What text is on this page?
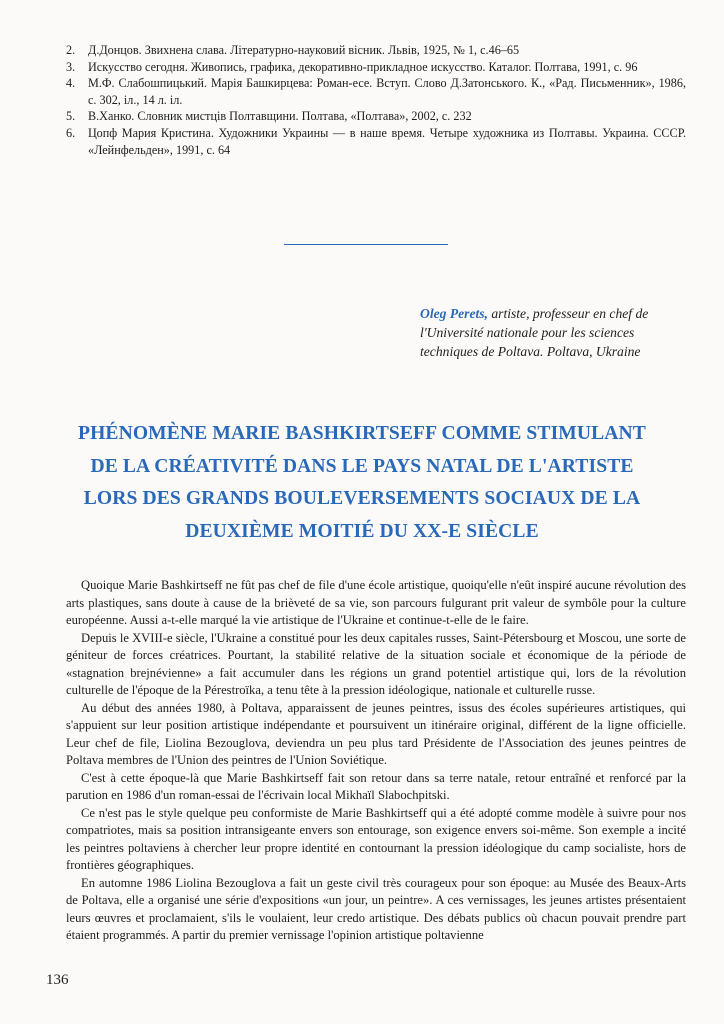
2.	Д.Донцов. Звихнена слава. Літературно-науковий вісник. Львів, 1925, № 1, с.46–65
3.	Искусство сегодня. Живопись, графика, декоративно-прикладное искусство. Каталог. Полтава, 1991, с. 96
4.	М.Ф. Слабошпицький. Марія Башкирцева: Роман-есе. Вступ. Слово Д.Затонського. К., «Рад. Письменник», 1986, с. 302, іл., 14 л. іл.
5.	В.Ханко. Словник мистців Полтавщини. Полтава, «Полтава», 2002, с. 232
6.	Цопф Мария Кристина. Художники Украины — в наше время. Четыре художника из Полтавы. Украина. СССР. «Лейнфельден», 1991, с. 64
Oleg Perets, artiste, professeur en chef de l'Université nationale pour les sciences techniques de Poltava. Poltava, Ukraine
PHÉNOMÈNE MARIE BASHKIRTSEFF COMME STIMULANT
DE LA CRÉATIVITÉ DANS LE PAYS NATAL DE L'ARTISTE
LORS DES GRANDS BOULEVERSEMENTS SOCIAUX DE LA
DEUXIÈME MOITIÉ DU XX-E SIÈCLE

Quoique Marie Bashkirtseff ne fût pas chef de file d'une école artistique, quoiqu'elle n'eût inspiré aucune révolution des arts plastiques, sans doute à cause de la brièveté de sa vie, son parcours fulgurant prit valeur de symbôle pour la culture européenne. Aussi a-t-elle marqué la vie artistique de l'Ukraine et continue-t-elle de le faire.

Depuis le XVIII-e siècle, l'Ukraine a constitué pour les deux capitales russes, Saint-Pétersbourg et Moscou, une sorte de géniteur de forces créatrices. Pourtant, la stabilité relative de la situation sociale et économique de la période de «stagnation brejnévienne» a fait accumuler dans les régions un grand potentiel artistique qui, lors de la révolution culturelle de l'époque de la Pérestroïka, a tenu tête à la pression idéologique, nationale et culturelle russe.

Au début des années 1980, à Poltava, apparaissent de jeunes peintres, issus des écoles supérieures artistiques, qui s'appuient sur leur position artistique indépendante et poursuivent un itinéraire original, différent de la ligne officielle. Leur chef de file, Liolina Bezouglova, deviendra un peu plus tard Présidente de l'Association des jeunes peintres de Poltava membres de l'Union des peintres de l'Union Soviétique.

C'est à cette époque-là que Marie Bashkirtseff fait son retour dans sa terre natale, retour entraîné et renforcé par la parution en 1986 d'un roman-essai de l'écrivain local Mikhaïl Slabochpitski.

Ce n'est pas le style quelque peu conformiste de Marie Bashkirtseff qui a été adopté comme modèle à suivre pour nos compatriotes, mais sa position intransigeante envers son entourage, son exigence envers soi-même. Son exemple a incité les peintres poltaviens à chercher leur propre identité en contournant la pression idéologique du camp socialiste, hors de frontières géographiques.

En automne 1986 Liolina Bezouglova a fait un geste civil très courageux pour son époque: au Musée des Beaux-Arts de Poltava, elle a organisé une série d'expositions «un jour, un peintre». A ces vernissages, les jeunes artistes présentaient leurs œuvres et proclamaient, s'ils le voulaient, leur credo artistique. Des débats publics où chacun pouvait prendre part étaient programmés. A partir du premier vernissage l'opinion artistique poltavienne

136
